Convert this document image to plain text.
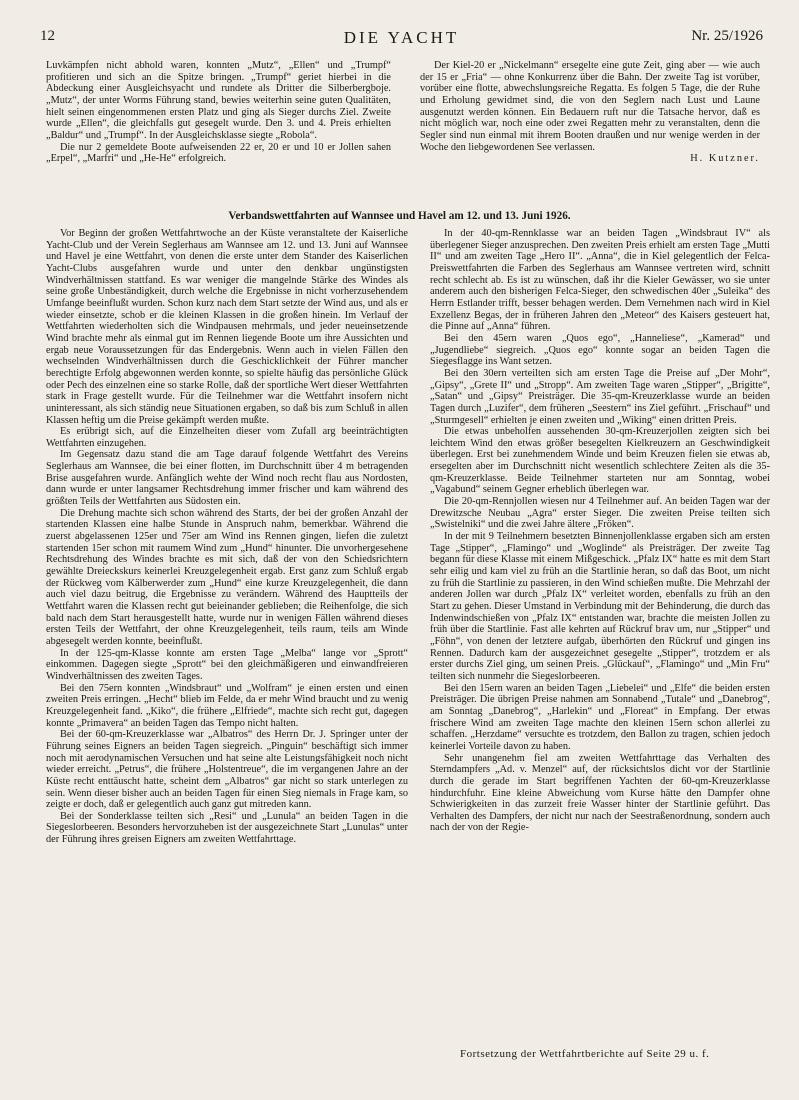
12	DIE YACHT	Nr. 25/1926

Luvkämpfen nicht abhold waren, konnten „Mutz“, „Ellen“ und „Trumpf“ profitieren und sich an die Spitze bringen. „Trumpf“ geriet hierbei in die Abdeckung einer Ausgleichsyacht und rundete als Dritter die Silberbergboje. „Mutz“, der unter Worms Führung stand, bewies weiterhin seine guten Qualitäten, hielt seinen eingenommenen ersten Platz und ging als Sieger durchs Ziel. Zweite wurde „Ellen“, die gleichfalls gut gesegelt wurde. Den 3. und 4. Preis erhielten „Baldur“ und „Trumpf“. In der Ausgleichsklasse siegte „Robola“.

Die nur 2 gemeldete Boote aufweisenden 22 er, 20 er und 10 er Jollen sahen „Erpel“, „Marfri“ und „He-He“ erfolgreich.

Der Kiel-20 er „Nickelmann“ ersegelte eine gute Zeit, ging aber — wie auch der 15 er „Fria“ — ohne Konkurrenz über die Bahn. Der zweite Tag ist vorüber, vorüber eine flotte, abwechslungsreiche Regatta. Es folgen 5 Tage, die der Ruhe und Erholung gewidmet sind, die von den Seglern nach Lust und Laune ausgenutzt werden können. Ein Bedauern ruft nur die Tatsache hervor, daß es nicht möglich war, noch eine oder zwei Regatten mehr zu veranstalten, denn die Segler sind nun einmal mit ihrem Booten draußen und nur wenige werden in der Woche den liebgewordenen See verlassen.

H. Kutzner.

Verbandswettfahrten auf Wannsee und Havel am 12. und 13. Juni 1926.

Vor Beginn der großen Wettfahrtwoche an der Küste veranstaltete der Kaiserliche Yacht-Club und der Verein Seglerhaus am Wannsee am 12. und 13. Juni auf Wannsee und Havel je eine Wettfahrt, von denen die erste unter dem Stander des Kaiserlichen Yacht-Clubs ausgefahren wurde und unter den denkbar ungünstigsten Windverhältnissen stattfand. Es war weniger die mangelnde Stärke des Windes als seine große Unbeständigkeit, durch welche die Ergebnisse in nicht vorherzusehendem Umfange beeinflußt wurden. Schon kurz nach dem Start setzte der Wind aus, und als er wieder einsetzte, schob er die kleinen Klassen in die großen hinein. Im Verlauf der Wettfahrten wiederholten sich die Windpausen mehrmals, und jeder neueinsetzende Wind brachte mehr als einmal gut im Rennen liegende Boote um ihre Aussichten und ergab neue Voraussetzungen für das Endergebnis. Wenn auch in vielen Fällen den wechselnden Windverhältnissen durch die Geschicklichkeit der Führer mancher berechtigte Erfolg abgewonnen werden konnte, so spielte häufig das persönliche Glück oder Pech des einzelnen eine so starke Rolle, daß der sportliche Wert dieser Wettfahrten stark in Frage gestellt wurde. Für die Teilnehmer war die Wettfahrt insofern nicht uninteressant, als sich ständig neue Situationen ergaben, so daß bis zum Schluß in allen Klassen heftig um die Preise gekämpft werden mußte.

Es erübrigt sich, auf die Einzelheiten dieser vom Zufall arg beeinträchtigten Wettfahrten einzugehen.

Im Gegensatz dazu stand die am Tage darauf folgende Wettfahrt des Vereins Seglerhaus am Wannsee, die bei einer flotten, im Durchschnitt über 4 m betragenden Brise ausgefahren wurde. Anfänglich wehte der Wind noch recht flau aus Nordosten, dann wurde er unter langsamer Rechtsdrehung immer frischer und kam während des größten Teils der Wettfahrten aus Südosten ein.

Die Drehung machte sich schon während des Starts, der bei der großen Anzahl der startenden Klassen eine halbe Stunde in Anspruch nahm, bemerkbar. Während die zuerst abgelassenen 125er und 75er am Wind ins Rennen gingen, liefen die zuletzt startenden 15er schon mit raumem Wind zum „Hund“ hinunter. Die unvorhergesehene Rechtsdrehung des Windes brachte es mit sich, daß der von den Schiedsrichtern gewählte Dreieckskurs keinerlei Kreuzgelegenheit ergab. Erst ganz zum Schluß ergab der Rückweg vom Kälberwerder zum „Hund“ eine kurze Kreuzgelegenheit, die dann auch viel dazu beitrug, die Ergebnisse zu verändern. Während des Hauptteils der Wettfahrt waren die Klassen recht gut beieinander geblieben; die Reihenfolge, die sich bald nach dem Start herausgestellt hatte, wurde nur in wenigen Fällen während dieses ersten Teils der Wettfahrt, der ohne Kreuzgelegenheit, teils raum, teils am Winde abgesegelt werden konnte, beeinflußt.

In der 125-qm-Klasse konnte am ersten Tage „Melba“ lange vor „Sprott“ einkommen. Dagegen siegte „Sprott“ bei den gleichmäßigeren und einwandfreieren Windverhältnissen des zweiten Tages.

Bei den 75ern konnten „Windsbraut“ und „Wolfram“ je einen ersten und einen zweiten Preis erringen. „Hecht“ blieb im Felde, da er mehr Wind braucht und zu wenig Kreuzgelegenheit fand. „Kiko“, die frühere „Elfriede“, machte sich recht gut, dagegen konnte „Primavera“ an beiden Tagen das Tempo nicht halten.

Bei der 60-qm-Kreuzerklasse war „Albatros“ des Herrn Dr. J. Springer unter der Führung seines Eigners an beiden Tagen siegreich. „Pinguin“ beschäftigt sich immer noch mit aerodynamischen Versuchen und hat seine alte Leistungsfähigkeit noch nicht wieder erreicht. „Petrus“, die frühere „Holstentreue“, die im vergangenen Jahre an der Küste recht enttäuscht hatte, scheint dem „Albatros“ gar nicht so stark unterlegen zu sein. Wenn dieser bisher auch an beiden Tagen für einen Sieg niemals in Frage kam, so zeigte er doch, daß er gelegentlich auch ganz gut mitreden kann.

Bei der Sonderklasse teilten sich „Resi“ und „Lunula“ an beiden Tagen in die Siegeslorbeeren. Besonders hervorzuheben ist der ausgezeichnete Start „Lunulas“ unter der Führung ihres greisen Eigners am zweiten Wettfahrttage.

In der 40-qm-Rennklasse war an beiden Tagen „Windsbraut IV“ als überlegener Sieger anzusprechen. Den zweiten Preis erhielt am ersten Tage „Mutti II“ und am zweiten Tage „Hero II“. „Anna“, die in Kiel gelegentlich der Felca-Preiswettfahrten die Farben des Seglerhaus am Wannsee vertreten wird, schnitt recht schlecht ab. Es ist zu wünschen, daß ihr die Kieler Gewässer, wo sie unter anderem auch den bisherigen Felca-Sieger, den schwedischen 40er „Suleika“ des Herrn Estlander trifft, besser behagen werden. Dem Vernehmen nach wird in Kiel Exzellenz Begas, der in früheren Jahren den „Meteor“ des Kaisers gesteuert hat, die Pinne auf „Anna“ führen.

Bei den 45ern waren „Quos ego“, „Hanneliese“, „Kamerad“ und „Jugendliebe“ siegreich. „Quos ego“ konnte sogar an beiden Tagen die Siegesflagge ins Want setzen.

Bei den 30ern verteilten sich am ersten Tage die Preise auf „Der Mohr“, „Gipsy“, „Grete II“ und „Stropp“. Am zweiten Tage waren „Stipper“, „Brigitte“, „Satan“ und „Gipsy“ Preisträger. Die 35-qm-Kreuzerklasse wurde an beiden Tagen durch „Luzifer“, dem früheren „Seestern“ ins Ziel geführt. „Frischauf“ und „Sturmgesell“ erhielten je einen zweiten und „Wiking“ einen dritten Preis.

Die etwas unbeholfen aussehenden 30-qm-Kreuzerjollen zeigten sich bei leichtem Wind den etwas größer besegelten Kielkreuzern an Geschwindigkeit überlegen. Erst bei zunehmendem Winde und beim Kreuzen fielen sie etwas ab, ersegelten aber im Durchschnitt nicht wesentlich schlechtere Zeiten als die 35-qm-Kreuzerklasse. Beide Teilnehmer starteten nur am Sonntag, wobei „Vagabund“ seinem Gegner erheblich überlegen war.

Die 20-qm-Rennjollen wiesen nur 4 Teilnehmer auf. An beiden Tagen war der Drewitzsche Neubau „Agra“ erster Sieger. Die zweiten Preise teilten sich „Swistelniki“ und die zwei Jahre ältere „Fröken“.

In der mit 9 Teilnehmern besetzten Binnenjollenklasse ergaben sich am ersten Tage „Stipper“, „Flamingo“ und „Woglinde“ als Preisträger. Der zweite Tag begann für diese Klasse mit einem Mißgeschick. „Pfalz IX“ hatte es mit dem Start sehr eilig und kam viel zu früh an die Startlinie heran, so daß das Boot, um nicht zu früh die Startlinie zu passieren, in den Wind schießen mußte. Die Mehrzahl der anderen Jollen war durch „Pfalz IX“ verleitet worden, ebenfalls zu früh an den Start zu gehen. Dieser Umstand in Verbindung mit der Behinderung, die durch das Indenwindschießen von „Pfalz IX“ entstanden war, brachte die meisten Jollen zu früh über die Startlinie. Fast alle kehrten auf Rückruf brav um, nur „Stipper“ und „Föhn“, von denen der letztere aufgab, überhörten den Rückruf und gingen ins Rennen. Dadurch kam der ausgezeichnet gesegelte „Stipper“, trotzdem er als erster durchs Ziel ging, um seinen Preis. „Glückauf“, „Flamingo“ und „Min Fru“ teilten sich nunmehr die Siegeslorbeeren.

Bei den 15ern waren an beiden Tagen „Liebelei“ und „Elfe“ die beiden ersten Preisträger. Die übrigen Preise nahmen am Sonnabend „Tutale“ und „Danebrog“, am Sonntag „Danebrog“, „Harlekin“ und „Floreat“ in Empfang. Der etwas frischere Wind am zweiten Tage machte den kleinen 15ern schon allerlei zu schaffen. „Herzdame“ versuchte es trotzdem, den Ballon zu tragen, schien jedoch keinerlei Vorteile davon zu haben.

Sehr unangenehm fiel am zweiten Wettfahrttage das Verhalten des Sterndampfers „Ad. v. Menzel“ auf, der rücksichtslos dicht vor der Startlinie durch die gerade im Start begriffenen Yachten der 60-qm-Kreuzerklasse hindurchfuhr. Eine kleine Abweichung vom Kurse hätte den Dampfer ohne Schwierigkeiten in das zurzeit freie Wasser hinter der Startlinie geführt. Das Verhalten des Dampfers, der nicht nur nach der Seestraßenordnung, sondern auch nach der von der Regie-

Fortsetzung der Wettfahrtberichte auf Seite 29 u. f.
